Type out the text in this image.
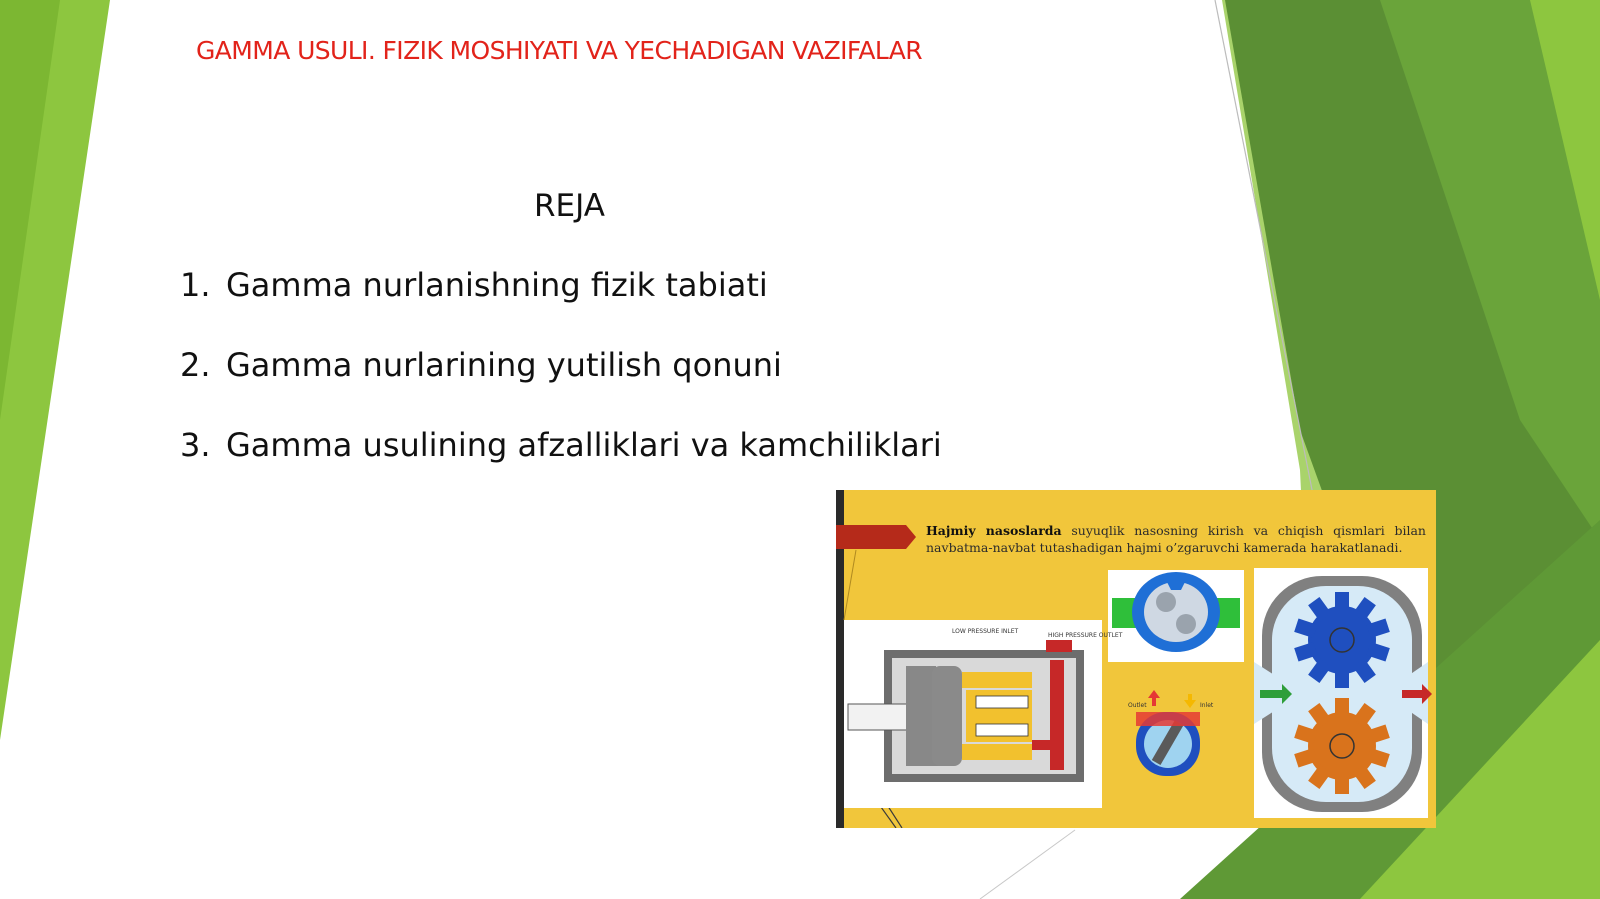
GAMMA USULI. FIZIK MOSHIYATI VA YECHADIGAN VAZIFALAR
REJA
1. Gamma nurlanishning fizik tabiati
2. Gamma nurlarining yutilish qonuni
3. Gamma usulining afzalliklari va kamchiliklari
Hajmiy nasoslarda suyuqlik nasosning kirish va chiqish qismlari bilan navbatma-navbat tutashadigan hajmi o’zgaruvchi kamerada harakatlanadi.
LOW PRESSURE INLET
HIGH PRESSURE OUTLET
Outlet	Inlet
